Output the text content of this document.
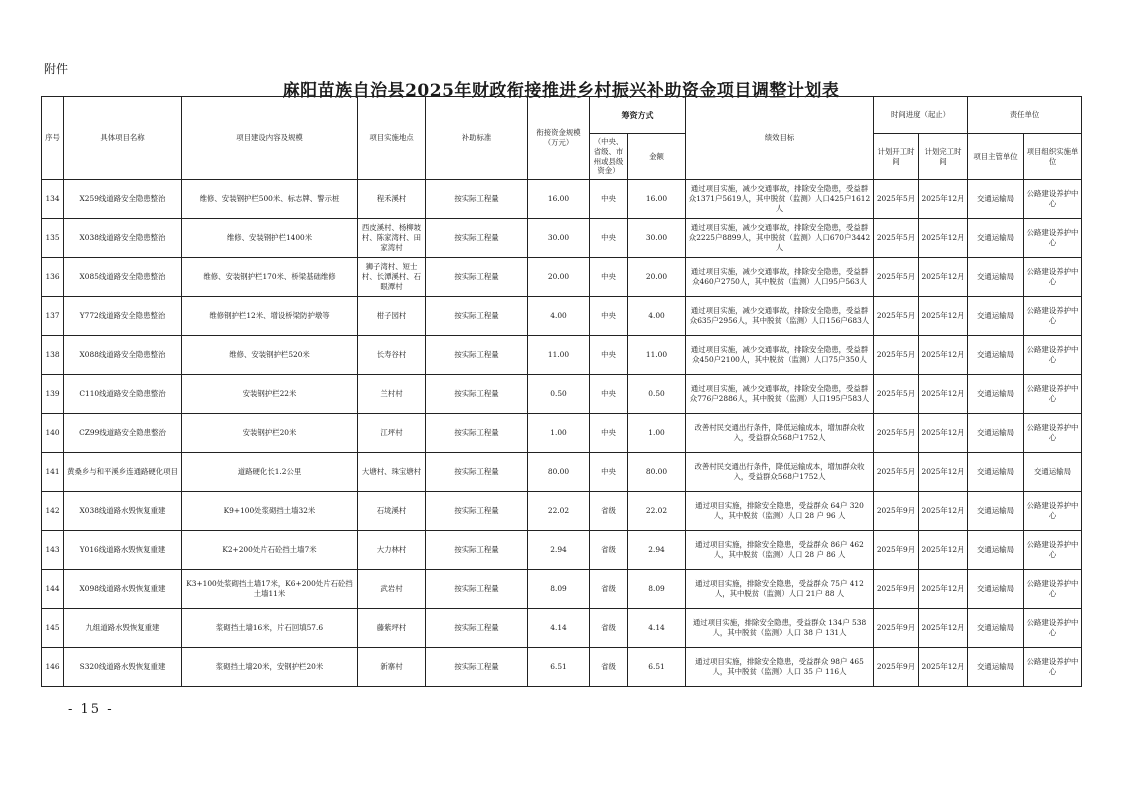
附件
麻阳苗族自治县2025年财政衔接推进乡村振兴补助资金项目调整计划表
序号	具体项目名称	项目建设内容及规模	项目实施地点	补助标准	衔接资金规模（万元）	筹资方式		绩效目标	时间进度（起止）		责任单位	
						（中央、省级、市州或县级资金）	金额		计划开工时间	计划完工时间	项目主管单位	项目组织实施单位
134	X259线道路安全隐患整治	维修、安装钢护栏500米、标志牌、警示桩	程禾溪村	按实际工程量	16.00	中央	16.00	通过项目实施，减少交通事故，排除安全隐患，受益群众1371户5619人，其中脱贫（监测）人口425户1612人	2025年5月	2025年12月	交通运输局	公路建设养护中心
135	X038线道路安全隐患整治	维修、安装钢护栏1400米	西皮溪村、杨柳坡村、陈家湾村、田家湾村	按实际工程量	30.00	中央	30.00	通过项目实施，减少交通事故，排除安全隐患，受益群众2225户8899人，其中脱贫（监测）人口670户3442人	2025年5月	2025年12月	交通运输局	公路建设养护中心
136	X085线道路安全隐患整治	维修、安装钢护栏170米、桥梁基础维修	狮子湾村、短士村、长潭溪村、石眼潭村	按实际工程量	20.00	中央	20.00	通过项目实施，减少交通事故，排除安全隐患，受益群众460户2750人，其中脱贫（监测）人口95户563人	2025年5月	2025年12月	交通运输局	公路建设养护中心
137	Y772线道路安全隐患整治	维修钢护栏12米、增设桥梁防护墩等	柑子园村	按实际工程量	4.00	中央	4.00	通过项目实施，减少交通事故，排除安全隐患，受益群众635户2956人，其中脱贫（监测）人口156户683人	2025年5月	2025年12月	交通运输局	公路建设养护中心
138	X088线道路安全隐患整治	维修、安装钢护栏520米	长寿谷村	按实际工程量	11.00	中央	11.00	通过项目实施，减少交通事故，排除安全隐患，受益群众450户2100人，其中脱贫（监测）人口75户350人	2025年5月	2025年12月	交通运输局	公路建设养护中心
139	C110线道路安全隐患整治	安装钢护栏22米	兰村村	按实际工程量	0.50	中央	0.50	通过项目实施，减少交通事故，排除安全隐患，受益群众776户2886人，其中脱贫（监测）人口195户583人	2025年5月	2025年12月	交通运输局	公路建设养护中心
140	CZ99线道路安全隐患整治	安装钢护栏20米	江坪村	按实际工程量	1.00	中央	1.00	改善村民交通出行条件，降低运输成本，增加群众收入，受益群众568户1752人	2025年5月	2025年12月	交通运输局	公路建设养护中心
141	黄桑乡与和平溪乡连通路硬化项目	道路硬化长1.2公里	大塘村、珠宝塘村	按实际工程量	80.00	中央	80.00	改善村民交通出行条件，降低运输成本，增加群众收入，受益群众568户1752人	2025年5月	2025年12月	交通运输局	交通运输局
142	X038线道路水毁恢复重建	K9+100处浆砌挡土墙32米	石垅溪村	按实际工程量	22.02	省级	22.02	通过项目实施，排除安全隐患，受益群众 64户 320人，其中脱贫（监测）人口 28 户 96 人	2025年9月	2025年12月	交通运输局	公路建设养护中心
143	Y016线道路水毁恢复重建	K2+200处片石砼挡土墙7米	大力林村	按实际工程量	2.94	省级	2.94	通过项目实施，排除安全隐患，受益群众 86户 462人，其中脱贫（监测）人口 28 户 86 人	2025年9月	2025年12月	交通运输局	公路建设养护中心
144	X098线道路水毁恢复重建	K3+100处浆砌挡土墙17米，K6+200处片石砼挡土墙11米	武岩村	按实际工程量	8.09	省级	8.09	通过项目实施，排除安全隐患，受益群众 75户 412人，其中脱贫（监测）人口 21户 88 人	2025年9月	2025年12月	交通运输局	公路建设养护中心
145	九组道路水毁恢复重建	浆砌挡土墙16米，片石回填57.6	藤紫坪村	按实际工程量	4.14	省级	4.14	通过项目实施，排除安全隐患，受益群众 134户 538人，其中脱贫（监测）人口 38 户 131人	2025年9月	2025年12月	交通运输局	公路建设养护中心
146	S320线道路水毁恢复重建	浆砌挡土墙20米，安钢护栏20米	新寨村	按实际工程量	6.51	省级	6.51	通过项目实施，排除安全隐患，受益群众 98户 465人，其中脱贫（监测）人口 35 户 116人	2025年9月	2025年12月	交通运输局	公路建设养护中心
- 15 -
